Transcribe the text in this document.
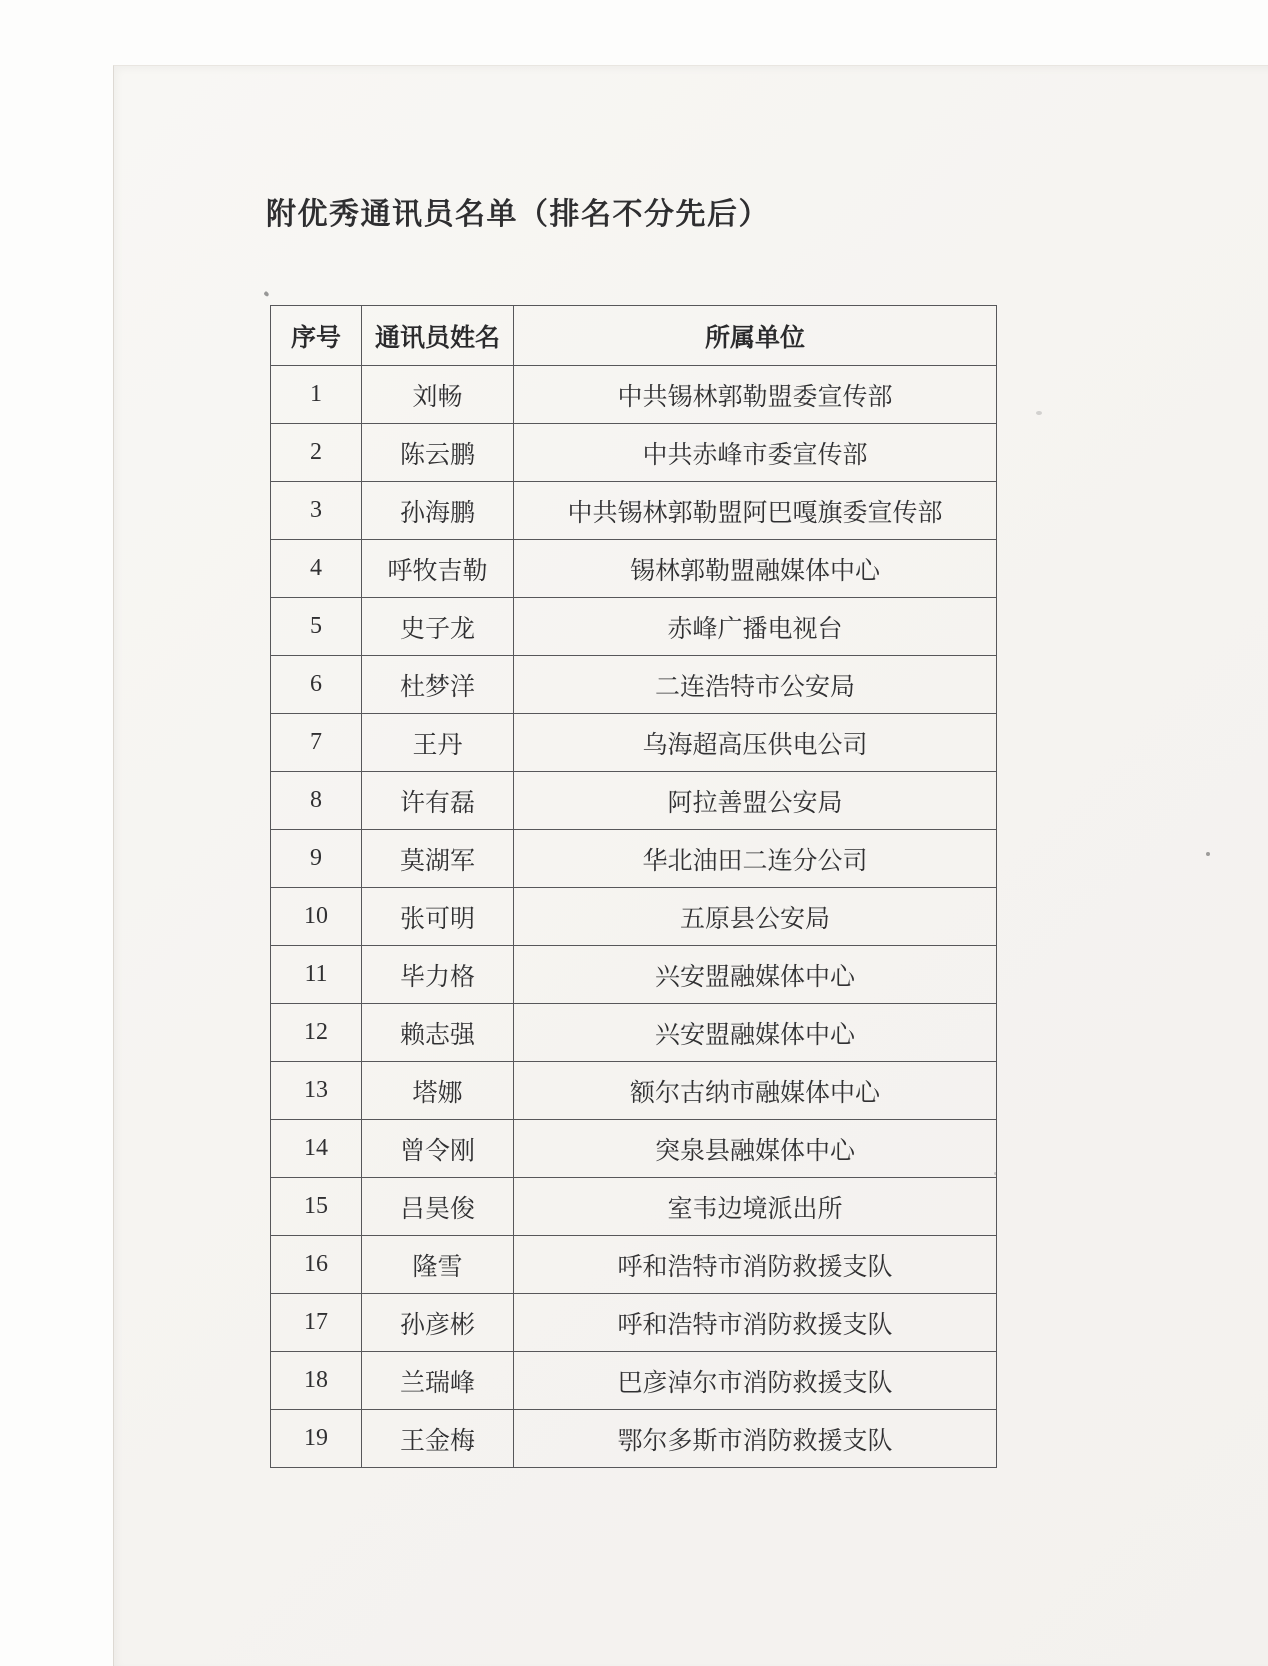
附优秀通讯员名单（排名不分先后）
序号	通讯员姓名	所属单位
1	刘畅	中共锡林郭勒盟委宣传部
2	陈云鹏	中共赤峰市委宣传部
3	孙海鹏	中共锡林郭勒盟阿巴嘎旗委宣传部
4	呼牧吉勒	锡林郭勒盟融媒体中心
5	史子龙	赤峰广播电视台
6	杜梦洋	二连浩特市公安局
7	王丹	乌海超高压供电公司
8	许有磊	阿拉善盟公安局
9	莫湖军	华北油田二连分公司
10	张可明	五原县公安局
11	毕力格	兴安盟融媒体中心
12	赖志强	兴安盟融媒体中心
13	塔娜	额尔古纳市融媒体中心
14	曾令刚	突泉县融媒体中心
15	吕昊俊	室韦边境派出所
16	隆雪	呼和浩特市消防救援支队
17	孙彦彬	呼和浩特市消防救援支队
18	兰瑞峰	巴彦淖尔市消防救援支队
19	王金梅	鄂尔多斯市消防救援支队
